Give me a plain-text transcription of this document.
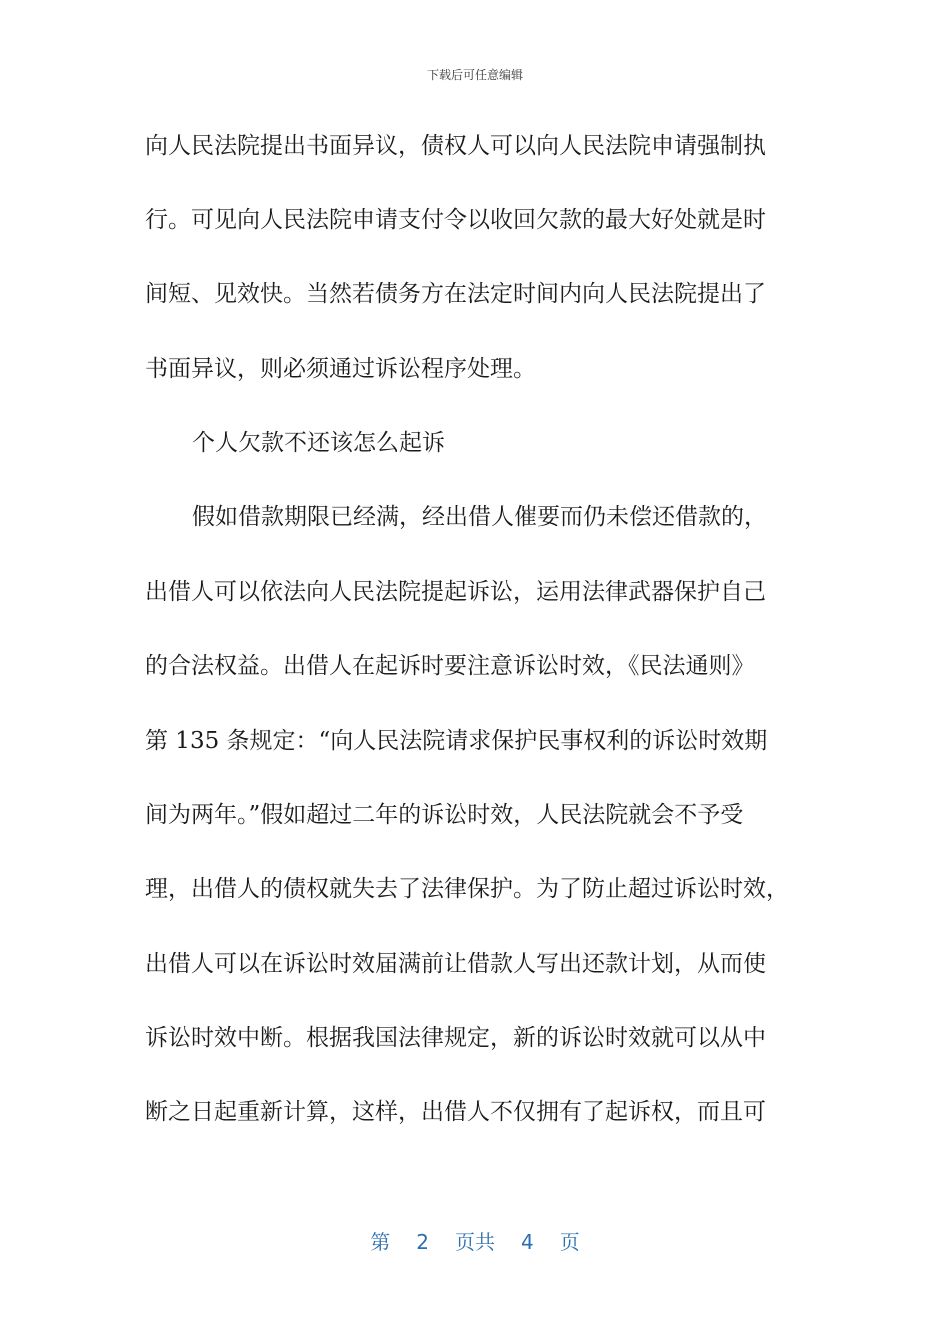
下载后可任意编辑
向人民法院提出书面异议，债权人可以向人民法院申请强制执
行。可见向人民法院申请支付令以收回欠款的最大好处就是时
间短、见效快。当然若债务方在法定时间内向人民法院提出了
书面异议，则必须通过诉讼程序处理。
个人欠款不还该怎么起诉
假如借款期限已经满，经出借人催要而仍未偿还借款的，
出借人可以依法向人民法院提起诉讼，运用法律武器保护自己
的合法权益。出借人在起诉时要注意诉讼时效，《民法通则》
第 135 条规定：“向人民法院请求保护民事权利的诉讼时效期
间为两年。”假如超过二年的诉讼时效，人民法院就会不予受
理，出借人的债权就失去了法律保护。为了防止超过诉讼时效，
出借人可以在诉讼时效届满前让借款人写出还款计划，从而使
诉讼时效中断。根据我国法律规定，新的诉讼时效就可以从中
断之日起重新计算，这样，出借人不仅拥有了起诉权，而且可
第 2 页共 4 页
